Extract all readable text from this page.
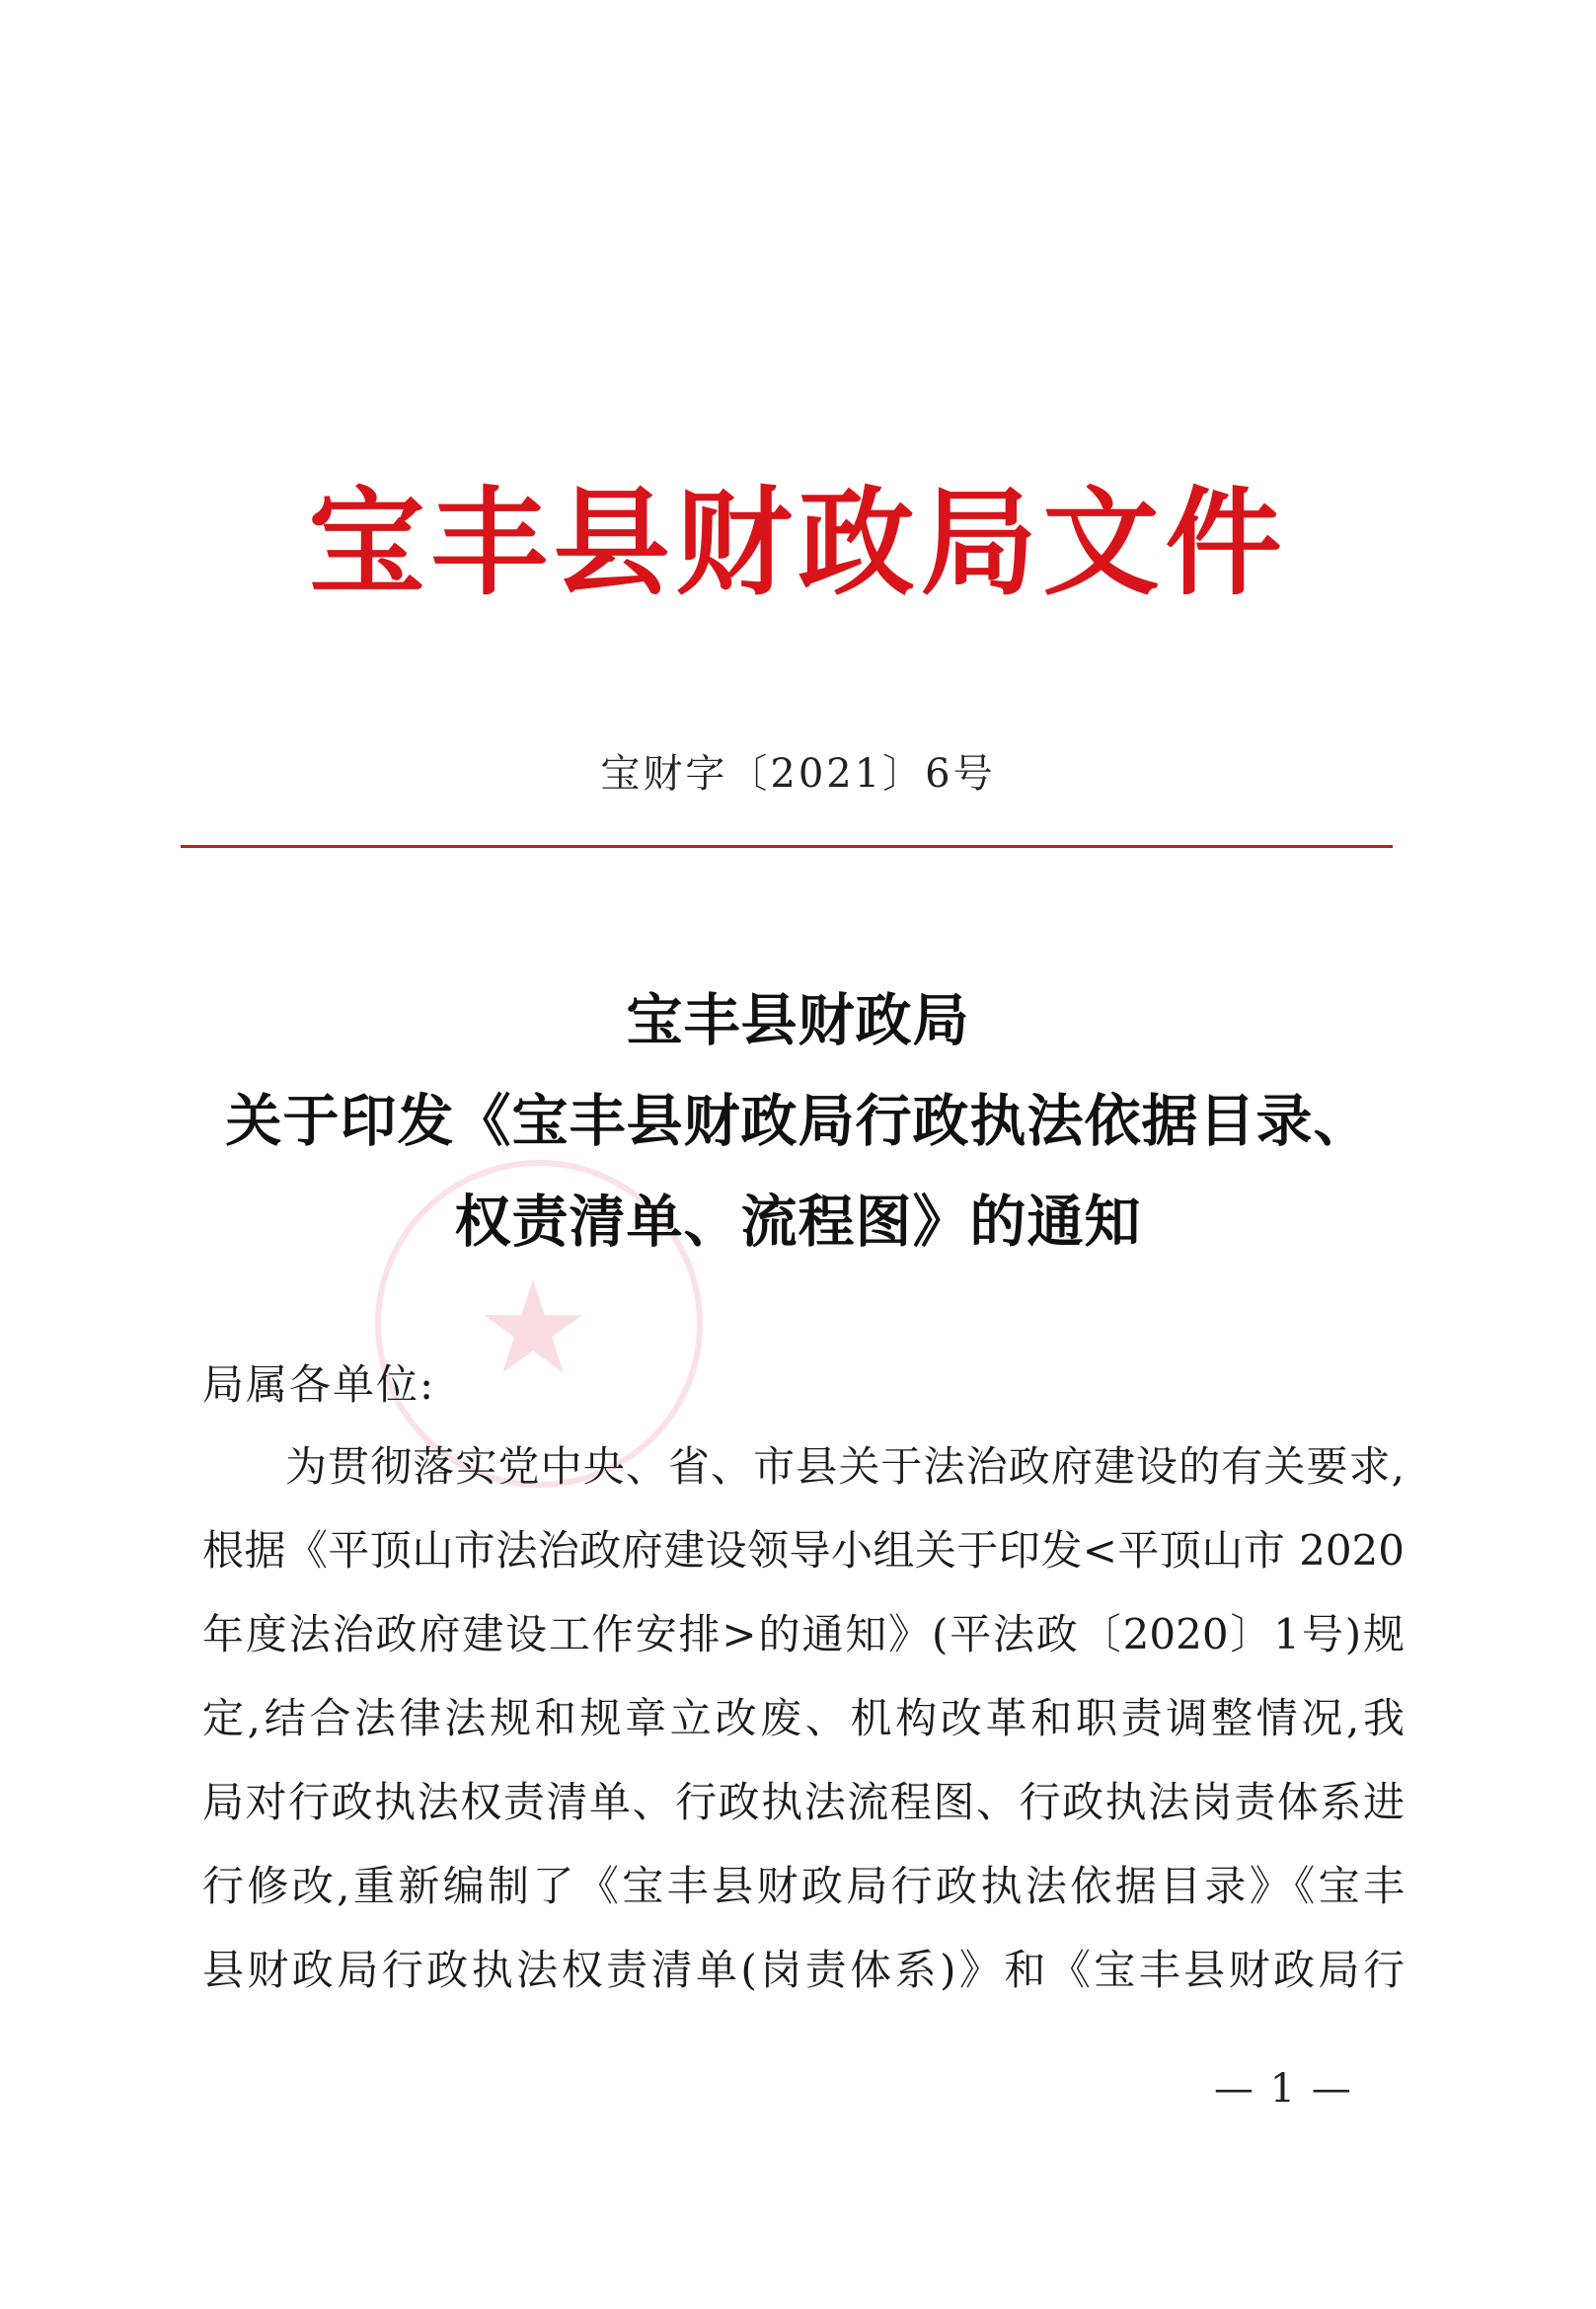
宝丰县财政局文件
宝财字〔2021〕6号
★
宝丰县财政局
关于印发《宝丰县财政局行政执法依据目录、
权责清单、流程图》的通知
局属各单位:
为贯彻落实党中央、省、市县关于法治政府建设的有关要求,
根据《平顶山市法治政府建设领导小组关于印发<平顶山市 2020
年度法治政府建设工作安排>的通知》(平法政〔2020〕1号)规
定,结合法律法规和规章立改废、机构改革和职责调整情况,我
局对行政执法权责清单、行政执法流程图、行政执法岗责体系进
行修改,重新编制了《宝丰县财政局行政执法依据目录》《宝丰
县财政局行政执法权责清单(岗责体系)》和《宝丰县财政局行
— 1 —
